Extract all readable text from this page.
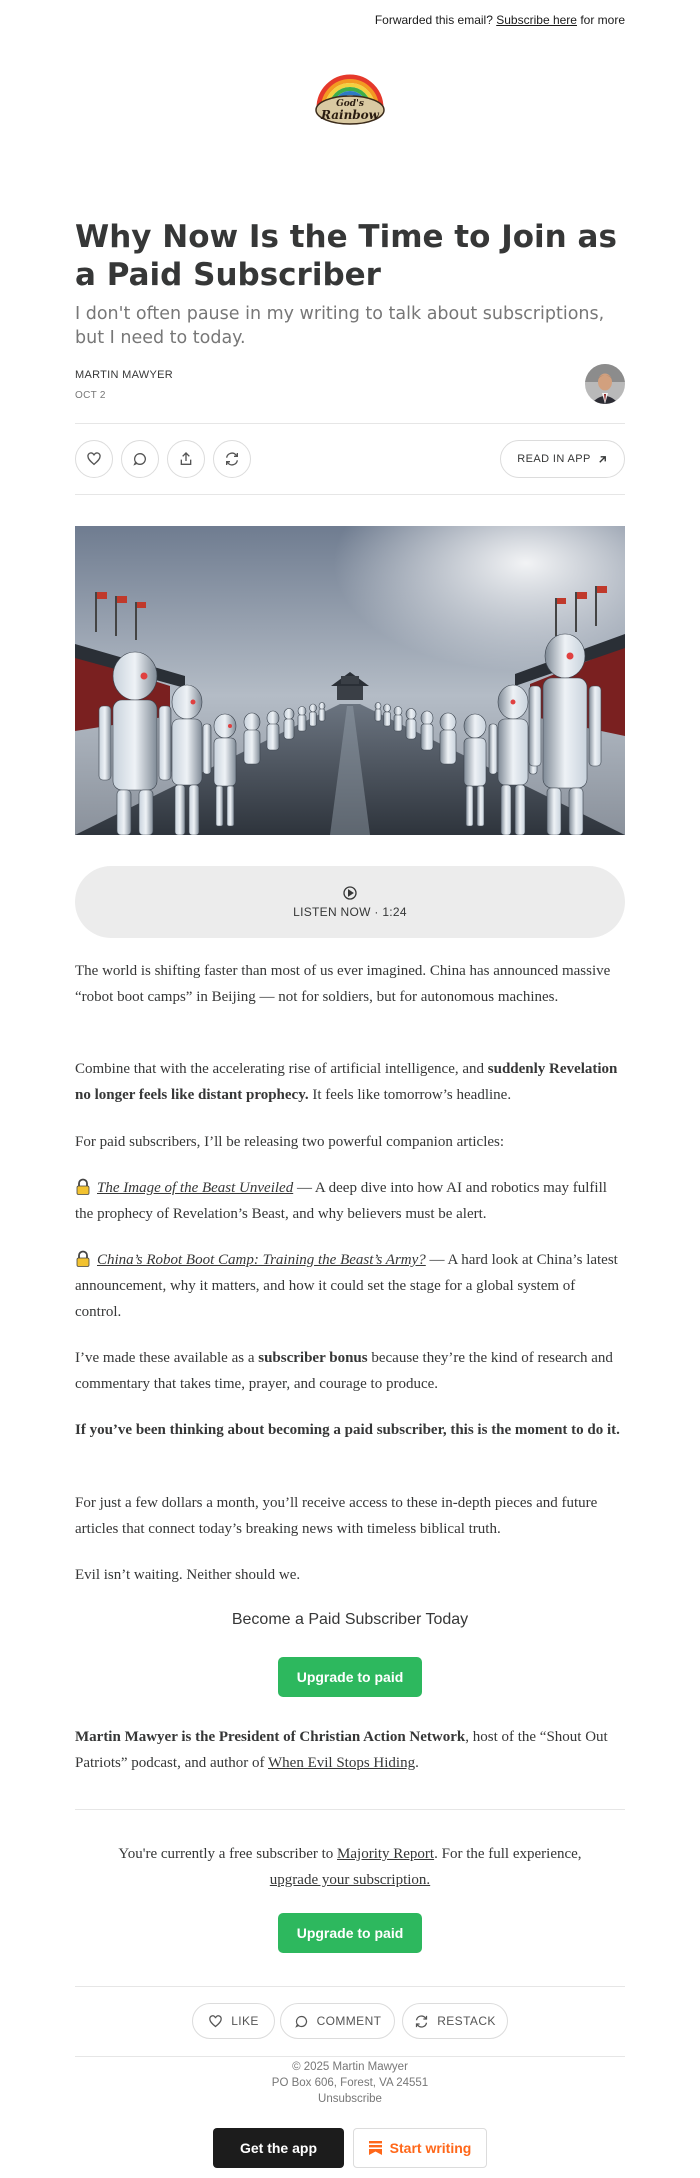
Forwarded this email? Subscribe here for more
God's
Rainbow
Why Now Is the Time to Join as a Paid Subscriber
I don't often pause in my writing to talk about subscriptions, but I need to today.
MARTIN MAWYER
OCT 2
READ IN APP
LISTEN NOW · 1:24

The world is shifting faster than most of us ever imagined. China has announced massive “robot boot camps” in Beijing — not for soldiers, but for autonomous machines.

Combine that with the accelerating rise of artificial intelligence, and suddenly Revelation no longer feels like distant prophecy. It feels like tomorrow’s headline.

For paid subscribers, I’ll be releasing two powerful companion articles:

The Image of the Beast Unveiled — A deep dive into how AI and robotics may fulfill the prophecy of Revelation’s Beast, and why believers must be alert.

China’s Robot Boot Camp: Training the Beast’s Army? — A hard look at China’s latest announcement, why it matters, and how it could set the stage for a global system of control.

I’ve made these available as a subscriber bonus because they’re the kind of research and commentary that takes time, prayer, and courage to produce.

If you’ve been thinking about becoming a paid subscriber, this is the moment to do it.

For just a few dollars a month, you’ll receive access to these in-depth pieces and future articles that connect today’s breaking news with timeless biblical truth.

Evil isn’t waiting. Neither should we.

Become a Paid Subscriber Today
Upgrade to paid

Martin Mawyer is the President of Christian Action Network, host of the “Shout Out Patriots” podcast, and author of When Evil Stops Hiding.

You're currently a free subscriber to Majority Report. For the full experience,
upgrade your subscription.
Upgrade to paid
LIKE	COMMENT	RESTACK
© 2025 Martin Mawyer
PO Box 606, Forest, VA 24551
Unsubscribe
Get the app	Start writing
